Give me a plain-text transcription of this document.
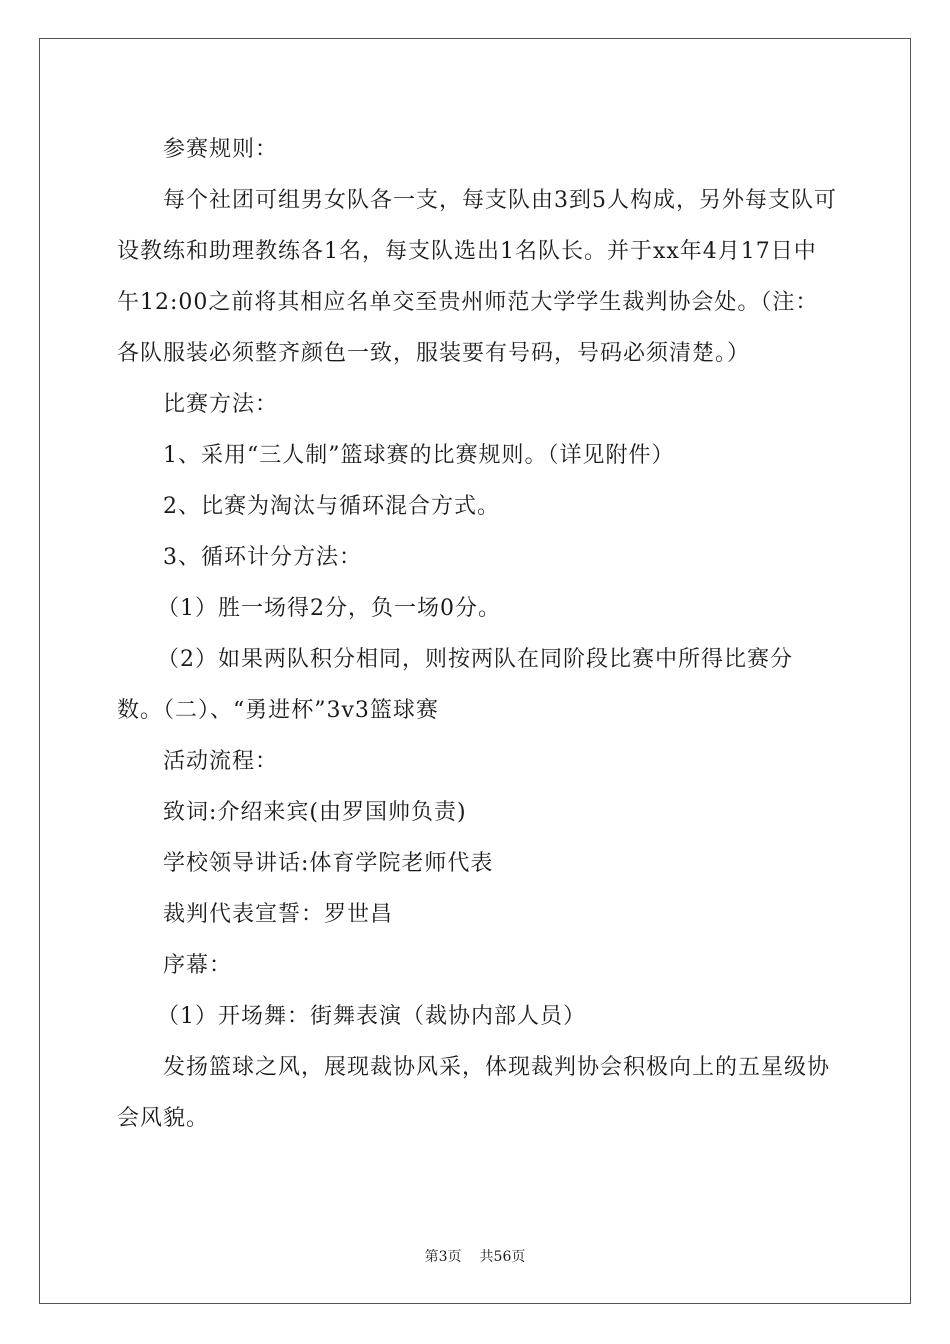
参赛规则：

每个社团可组男女队各一支，每支队由3到5人构成，另外每支队可设教练和助理教练各1名，每支队选出1名队长。并于xx年4月17日中午12:00之前将其相应名单交至贵州师范大学学生裁判协会处。（注：各队服装必须整齐颜色一致，服装要有号码，号码必须清楚。）

比赛方法：

1、采用“三人制”篮球赛的比赛规则。（详见附件）

2、比赛为淘汰与循环混合方式。

3、循环计分方法：

（1）胜一场得2分，负一场0分。

（2）如果两队积分相同，则按两队在同阶段比赛中所得比赛分数。（二）、“勇进杯”3v3篮球赛

活动流程：

致词:介绍来宾(由罗国帅负责)

学校领导讲话:体育学院老师代表

裁判代表宣誓：罗世昌

序幕：

（1）开场舞：街舞表演（裁协内部人员）

发扬篮球之风，展现裁协风采，体现裁判协会积极向上的五星级协会风貌。

第3页 共56页
